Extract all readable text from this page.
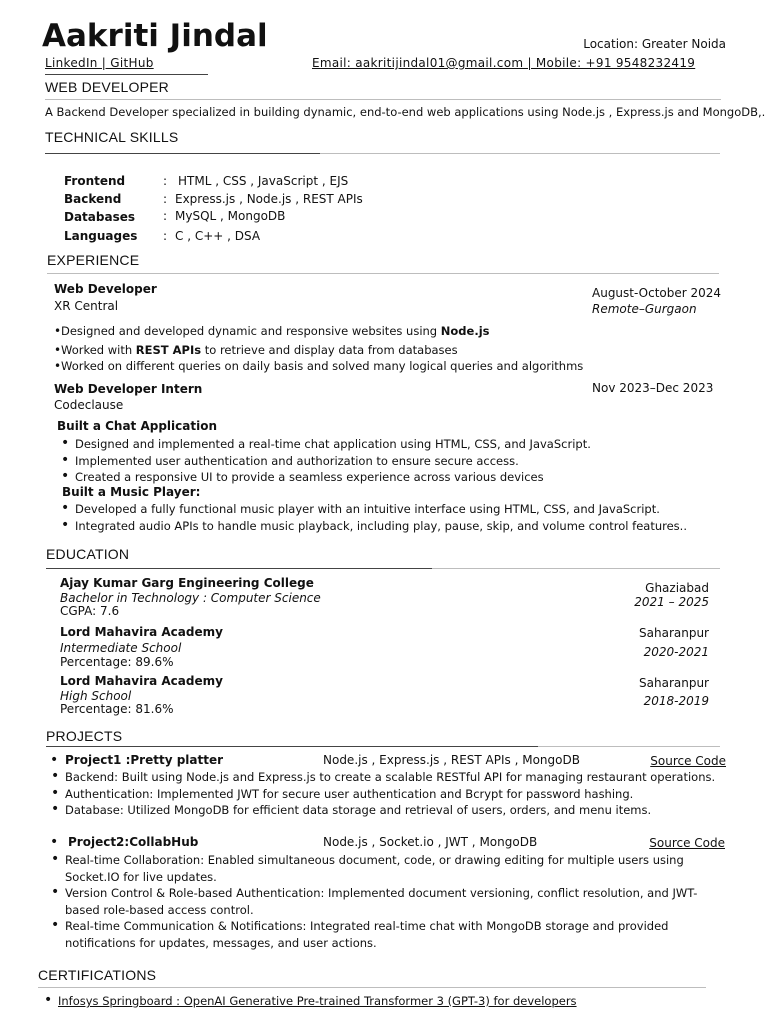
Aakriti Jindal	Location: Greater Noida
LinkedIn | GitHub	Email: aakritijindal01@gmail.com | Mobile: +91 9548232419
WEB DEVELOPER
A Backend Developer specialized in building dynamic, end-to-end web applications using Node.js , Express.js and MongoDB,.
TECHNICAL SKILLS
Frontend	: HTML , CSS , JavaScript , EJS
Backend	: Express.js , Node.js , REST APIs
Databases : MySQL , MongoDB
Languages : C , C++ , DSA
EXPERIENCE
Web Developer
XR Central
August-October 2024
Remote–Gurgaon
• Designed and developed dynamic and responsive websites using Node.js
• Worked with REST APIs to retrieve and display data from databases
• Worked on different queries on daily basis and solved many logical queries and algorithms
Web Developer Intern
Codeclause
Nov 2023–Dec 2023
Built a Chat Application
• Designed and implemented a real-time chat application using HTML, CSS, and JavaScript.
• Implemented user authentication and authorization to ensure secure access.
• Created a responsive UI to provide a seamless experience across various devices
Built a Music Player:
• Developed a fully functional music player with an intuitive interface using HTML, CSS, and JavaScript.
• Integrated audio APIs to handle music playback, including play, pause, skip, and volume control features..
EDUCATION
Ajay Kumar Garg Engineering College
Bachelor in Technology : Computer Science
CGPA: 7.6
Ghaziabad
2021 – 2025
Lord Mahavira Academy
Intermediate School
Percentage: 89.6%
Saharanpur
2020-2021
Lord Mahavira Academy
High School
Percentage: 81.6%
Saharanpur
2018-2019
PROJECTS
• Project1 :Pretty platter	Node.js , Express.js , REST APIs , MongoDB	Source Code
• Backend: Built using Node.js and Express.js to create a scalable RESTful API for managing restaurant operations.
• Authentication: Implemented JWT for secure user authentication and Bcrypt for password hashing.
• Database: Utilized MongoDB for efficient data storage and retrieval of users, orders, and menu items.
• Project2:CollabHub	Node.js , Socket.io , JWT , MongoDB	Source Code
• Real-time Collaboration: Enabled simultaneous document, code, or drawing editing for multiple users using Socket.IO for live updates.
• Version Control & Role-based Authentication: Implemented document versioning, conflict resolution, and JWT-based role-based access control.
• Real-time Communication & Notifications: Integrated real-time chat with MongoDB storage and provided notifications for updates, messages, and user actions.
CERTIFICATIONS
• Infosys Springboard : OpenAI Generative Pre-trained Transformer 3 (GPT-3) for developers
